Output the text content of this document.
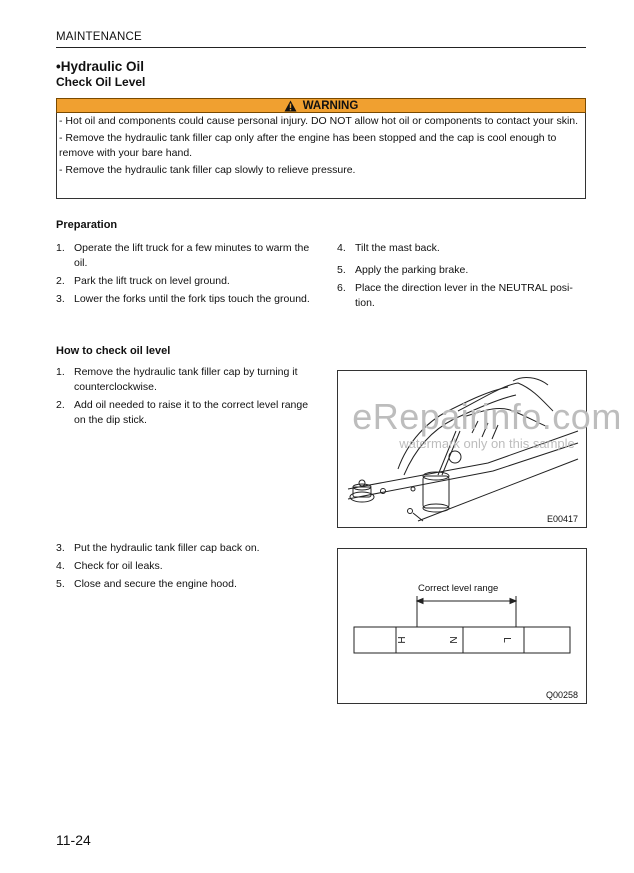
MAINTENANCE
•Hydraulic Oil
Check Oil Level
WARNING

- Hot oil and components could cause personal injury. DO NOT allow hot oil or components to contact your skin.

- Remove the hydraulic tank filler cap only after the engine has been stopped and the cap is cool enough to remove with your bare hand.

- Remove the hydraulic tank filler cap slowly to relieve pressure.

Preparation
1. Operate the lift truck for a few minutes to warm the oil.
2. Park the lift truck on level ground.
3. Lower the forks until the fork tips touch the ground.
4. Tilt the mast back.
5. Apply the parking brake.
6. Place the direction lever in the NEUTRAL posi-tion.
How to check oil level
1. Remove the hydraulic tank filler cap by turning it counterclockwise.
2. Add oil needed to raise it to the correct level range on the dip stick.
E00417
3. Put the hydraulic tank filler cap back on.
4. Check for oil leaks.
5. Close and secure the engine hood.	Correct level range
H	N	L
Q00258
eRepairinfo.com
watermark only on this sample
11-24
